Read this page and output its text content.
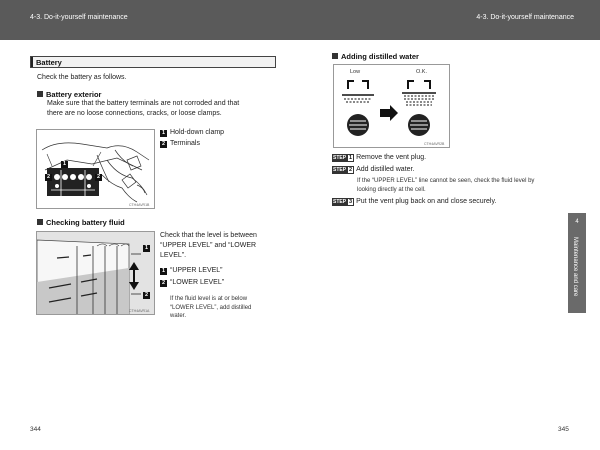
4-3. Do-it-yourself maintenance	4-3. Do-it-yourself maintenance
Battery
Check the battery as follows.
Battery exterior
Make sure that the battery terminals are not corroded and that
there are no loose connections, cracks, or loose clamps.
1
2	2
CTH4AVR1B
1 Hold-down clamp
2 Terminals
Checking battery fluid
1
2
CTH4AVR1A
Check that the level is between
“UPPER LEVEL” and “LOWER
LEVEL”.
1 “UPPER LEVEL”
2 “LOWER LEVEL”
If the fluid level is at or below
“LOWER LEVEL”, add distilled
water.
344
Adding distilled water
Low	O.K.
CTH4AVR2B
STEP 1 Remove the vent plug.
STEP 2 Add distilled water.
If the “UPPER LEVEL” line cannot be seen, check the fluid level by
looking directly at the cell.
STEP 3 Put the vent plug back on and close securely.
4
Maintenance and care
345
